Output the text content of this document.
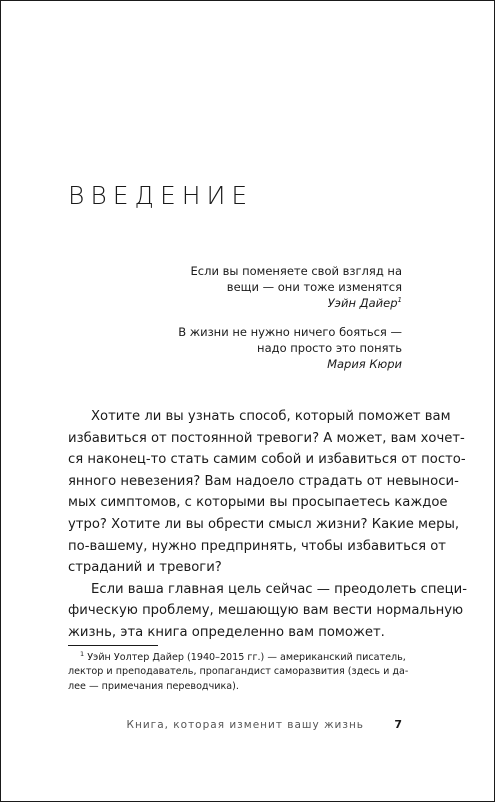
ВВЕДЕНИЕ
Если вы поменяете свой взгляд на
вещи — они тоже изменятся
Уэйн Дайер$^1$
В жизни не нужно ничего бояться —
надо просто это понять
Мария Кюри
Хотите ли вы узнать способ, который поможет вам
избавиться от постоянной тревоги? А может, вам хочет-
ся наконец-то стать самим собой и избавиться от посто-
янного невезения? Вам надоело страдать от невыноси-
мых симптомов, с которыми вы просыпаетесь каждое
утро? Хотите ли вы обрести смысл жизни? Какие меры,
по-вашему, нужно предпринять, чтобы избавиться от
страданий и тревоги?
Если ваша главная цель сейчас — преодолеть специ-
фическую проблему, мешающую вам вести нормальную
жизнь, эта книга определенно вам поможет.
$^1$ Уэйн Уолтер Дайер (1940–2015 гг.) — американский писатель,
лектор и преподаватель, пропагандист саморазвития (здесь и да-
лее — примечания переводчика).
Книга, которая изменит вашу жизнь	7
